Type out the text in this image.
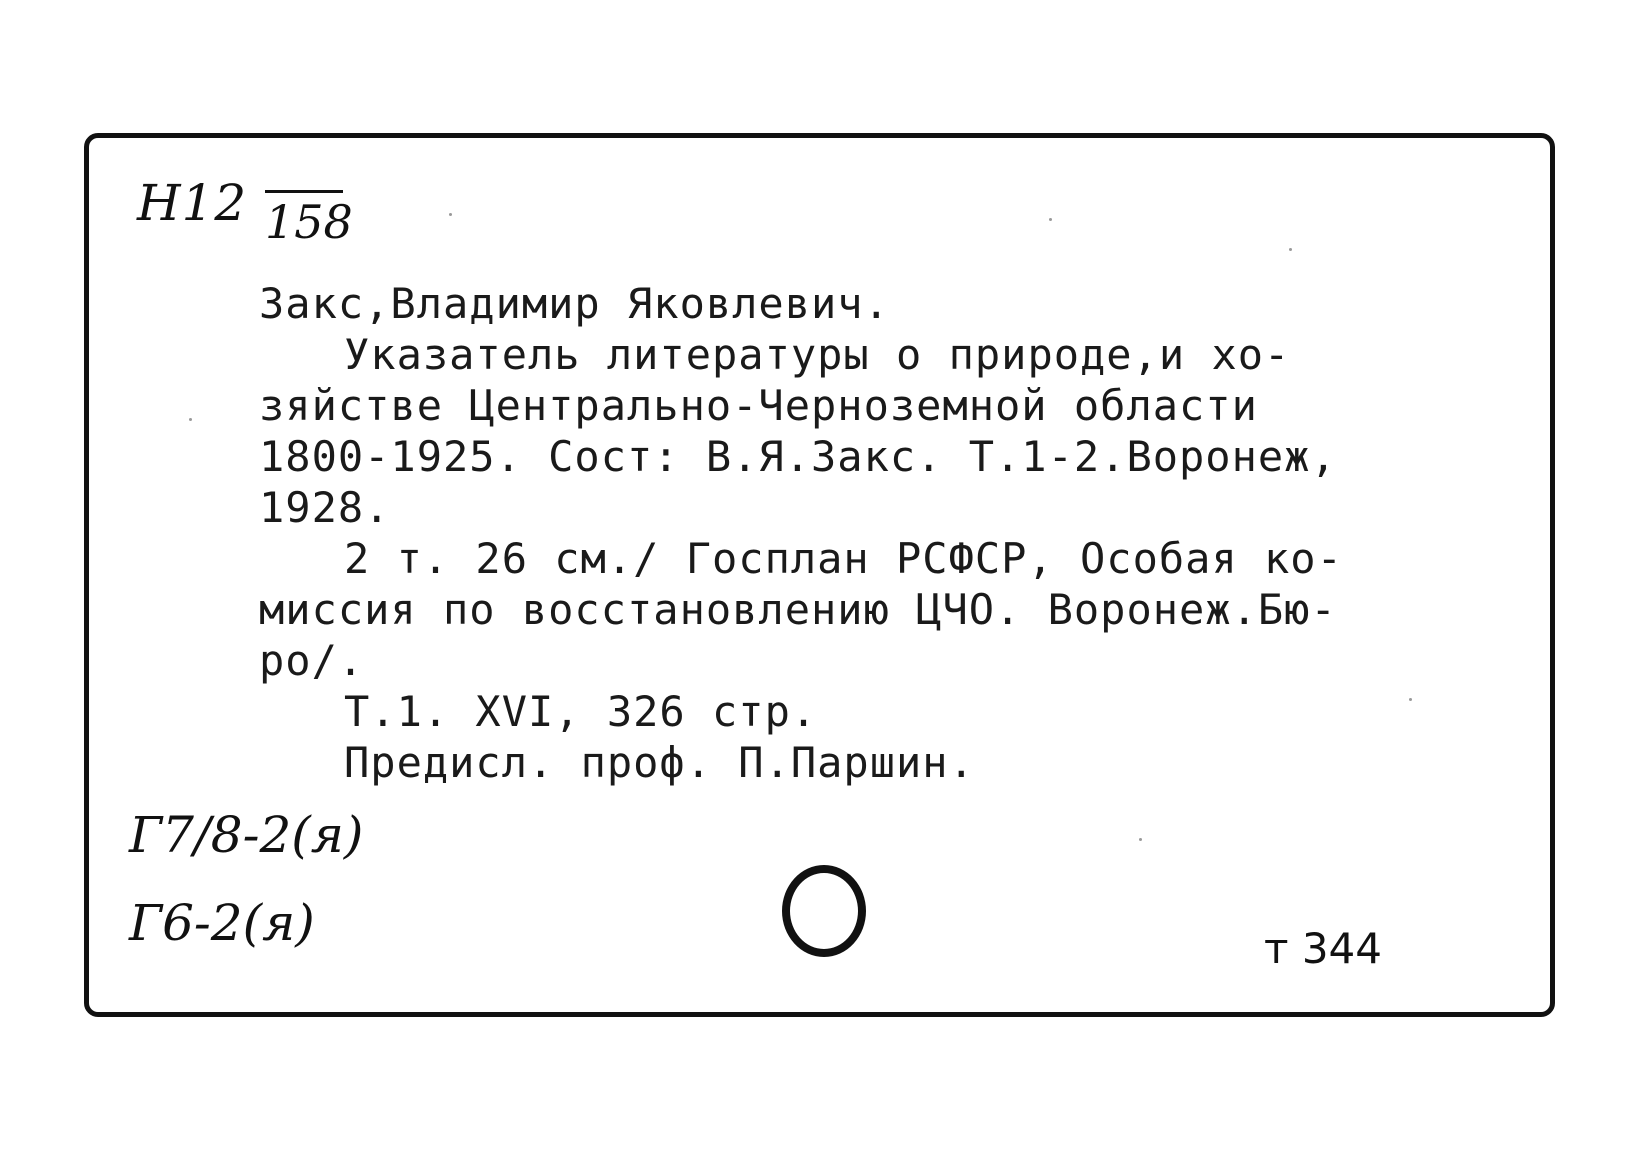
Н12 158
Закс,Владимир Яковлевич.
Указатель литературы о природе,и хо-
зяйстве Центрально-Черноземной области
1800-1925. Сост: В.Я.Закс. Т.1-2.Воронеж,
1928.
2 т. 26 см./ Госплан РСФСР, Особая ко-
миссия по восстановлению ЦЧО. Воронеж.Бю-
ро/.
Т.1. XVI, 326 стр.
Предисл. проф. П.Паршин.
Г7/8-2(я)
Г6-2(я)	т 344
